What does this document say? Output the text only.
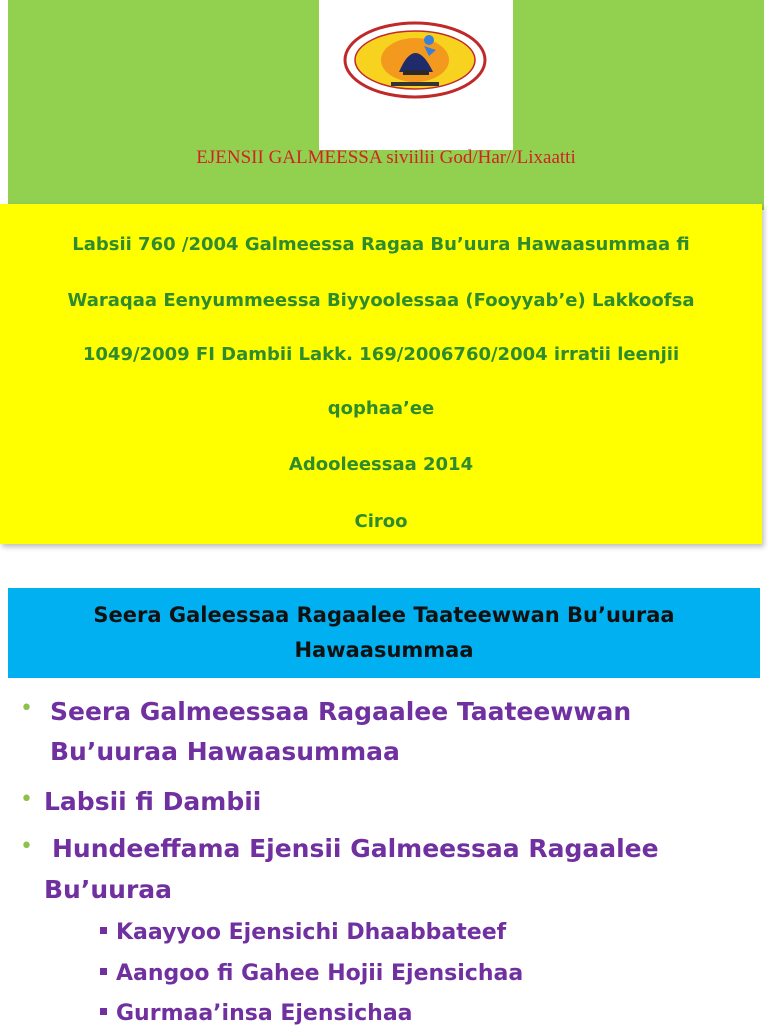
EJENSII GALMEESSA siviilii God/Har//Lixaatti
Labsii 760 /2004 Galmeessa Ragaa Bu’uura Hawaasummaa fi
Waraqaa Eenyummeessa Biyyoolessaa (Fooyyab’e) Lakkoofsa
1049/2009 FI Dambii Lakk. 169/2006760/2004 irratii leenjii
qophaa’ee
Adooleessaa 2014
Ciroo
Seera Galeessaa Ragaalee Taateewwan Bu’uuraa
Hawaasummaa
• Seera Galmeessaa Ragaalee Taateewwan
Bu’uuraa Hawaasummaa
• Labsii fi Dambii
• Hundeeffama Ejensii Galmeessaa Ragaalee
Bu’uuraa
Kaayyoo Ejensichi Dhaabbateef
Aangoo fi Gahee Hojii Ejensichaa
Gurmaa’insa Ejensichaa
